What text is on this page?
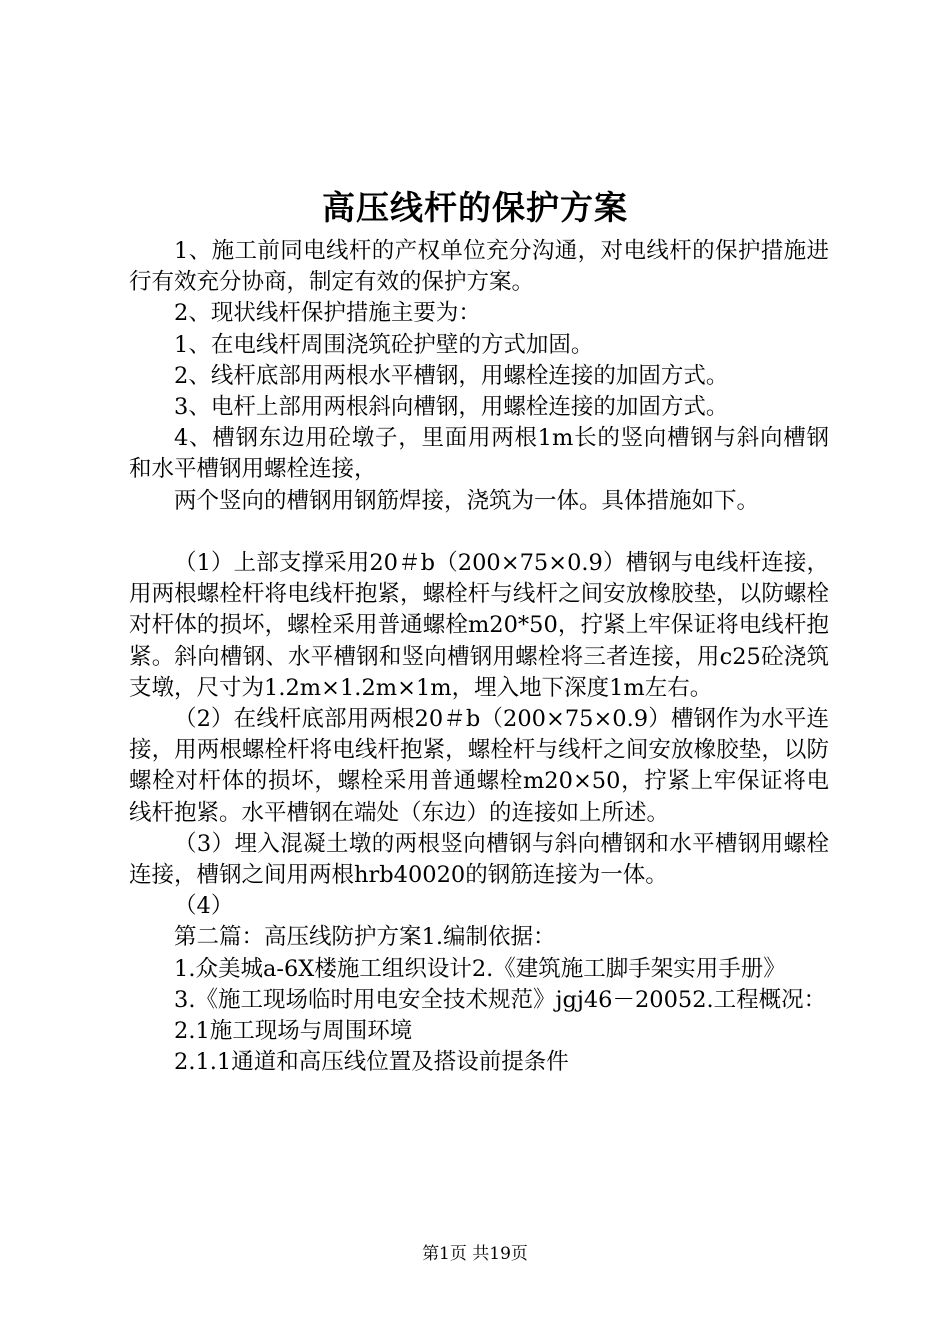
高压线杆的保护方案

1、施工前同电线杆的产权单位充分沟通，对电线杆的保护措施进行有效充分协商，制定有效的保护方案。

2、现状线杆保护措施主要为：

1、在电线杆周围浇筑砼护壁的方式加固。

2、线杆底部用两根水平槽钢，用螺栓连接的加固方式。

3、电杆上部用两根斜向槽钢，用螺栓连接的加固方式。

4、槽钢东边用砼墩子，里面用两根1m长的竖向槽钢与斜向槽钢和水平槽钢用螺栓连接，

两个竖向的槽钢用钢筋焊接，浇筑为一体。具体措施如下。

（1）上部支撑采用20＃b（200×75×0.9）槽钢与电线杆连接，用两根螺栓杆将电线杆抱紧，螺栓杆与线杆之间安放橡胶垫，以防螺栓对杆体的损坏，螺栓采用普通螺栓m20*50，拧紧上牢保证将电线杆抱紧。斜向槽钢、水平槽钢和竖向槽钢用螺栓将三者连接，用c25砼浇筑支墩，尺寸为1.2m×1.2m×1m，埋入地下深度1m左右。

（2）在线杆底部用两根20＃b（200×75×0.9）槽钢作为水平连接，用两根螺栓杆将电线杆抱紧，螺栓杆与线杆之间安放橡胶垫，以防螺栓对杆体的损坏，螺栓采用普通螺栓m20×50，拧紧上牢保证将电线杆抱紧。水平槽钢在端处（东边）的连接如上所述。

（3）埋入混凝土墩的两根竖向槽钢与斜向槽钢和水平槽钢用螺栓连接，槽钢之间用两根hrb40020的钢筋连接为一体。

（4）

第二篇：高压线防护方案1.编制依据：

1.众美城a-6X楼施工组织设计2.《建筑施工脚手架实用手册》

3.《施工现场临时用电安全技术规范》jgj46－20052.工程概况：

2.1施工现场与周围环境

2.1.1通道和高压线位置及搭设前提条件

第1页 共19页
